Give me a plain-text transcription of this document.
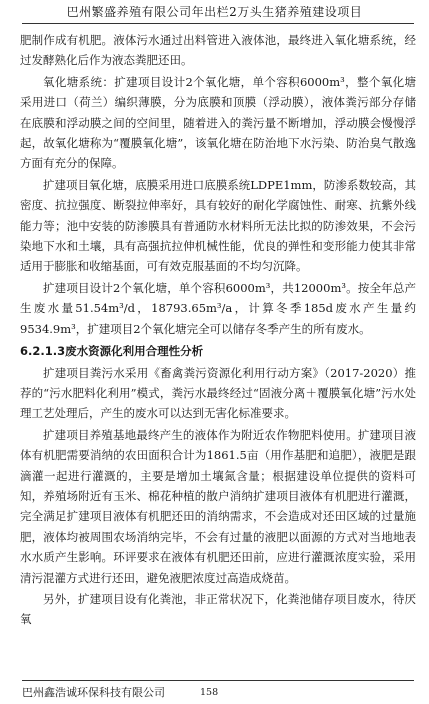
巴州繁盛养殖有限公司年出栏2万头生猪养殖建设项目

肥制作成有机肥。液体污水通过出料管进入液体池，最终进入氧化塘系统，经过发酵熟化后作为液态粪肥还田。

氧化塘系统：扩建项目设计2个氧化塘，单个容积6000m³，整个氧化塘采用进口（荷兰）编织薄膜，分为底膜和顶膜（浮动膜），液体粪污部分存储在底膜和浮动膜之间的空间里，随着进入的粪污量不断增加，浮动膜会慢慢浮起，故氧化塘称为“覆膜氧化塘”，该氧化塘在防治地下水污染、防治臭气散逸方面有充分的保障。

扩建项目氧化塘，底膜采用进口底膜系统LDPE1mm，防渗系数较高，其密度、抗拉强度、断裂拉伸率好，具有较好的耐化学腐蚀性、耐寒、抗紫外线能力等；池中安装的防渗膜具有普通防水材料所无法比拟的防渗效果，不会污染地下水和土壤，具有高强抗拉伸机械性能，优良的弹性和变形能力使其非常适用于膨胀和收缩基面，可有效克服基面的不均匀沉降。

扩建项目设计2个氧化塘，单个容积6000m³，共12000m³。按全年总产生废水量51.54m³/d，18793.65m³/a，计算冬季185d废水产生量约9534.9m³，扩建项目2个氧化塘完全可以储存冬季产生的所有废水。

6.2.1.3废水资源化利用合理性分析

扩建项目粪污水采用《畜禽粪污资源化利用行动方案》（2017-2020）推荐的“污水肥料化利用”模式，粪污水最终经过“固液分离＋覆膜氧化塘”污水处理工艺处理后，产生的废水可以达到无害化标准要求。

扩建项目养殖基地最终产生的液体作为附近农作物肥料使用。扩建项目液体有机肥需要消纳的农田面积合计为1861.5亩（用作基肥和追肥），液肥是跟滴灌一起进行灌溉的，主要是增加土壤氮含量；根据建设单位提供的资料可知，养殖场附近有玉米、棉花种植的散户消纳扩建项目液体有机肥进行灌溉，完全满足扩建项目液体有机肥还田的消纳需求，不会造成对还田区域的过量施肥，液体均被周围农场消纳完毕，不会有过量的液肥以面源的方式对当地地表水水质产生影响。环评要求在液体有机肥还田前，应进行灌溉浓度实验，采用清污混灌方式进行还田，避免液肥浓度过高造成烧苗。

另外，扩建项目设有化粪池，非正常状况下，化粪池储存项目废水，待厌氧

巴州鑫浩诚环保科技有限公司	158
